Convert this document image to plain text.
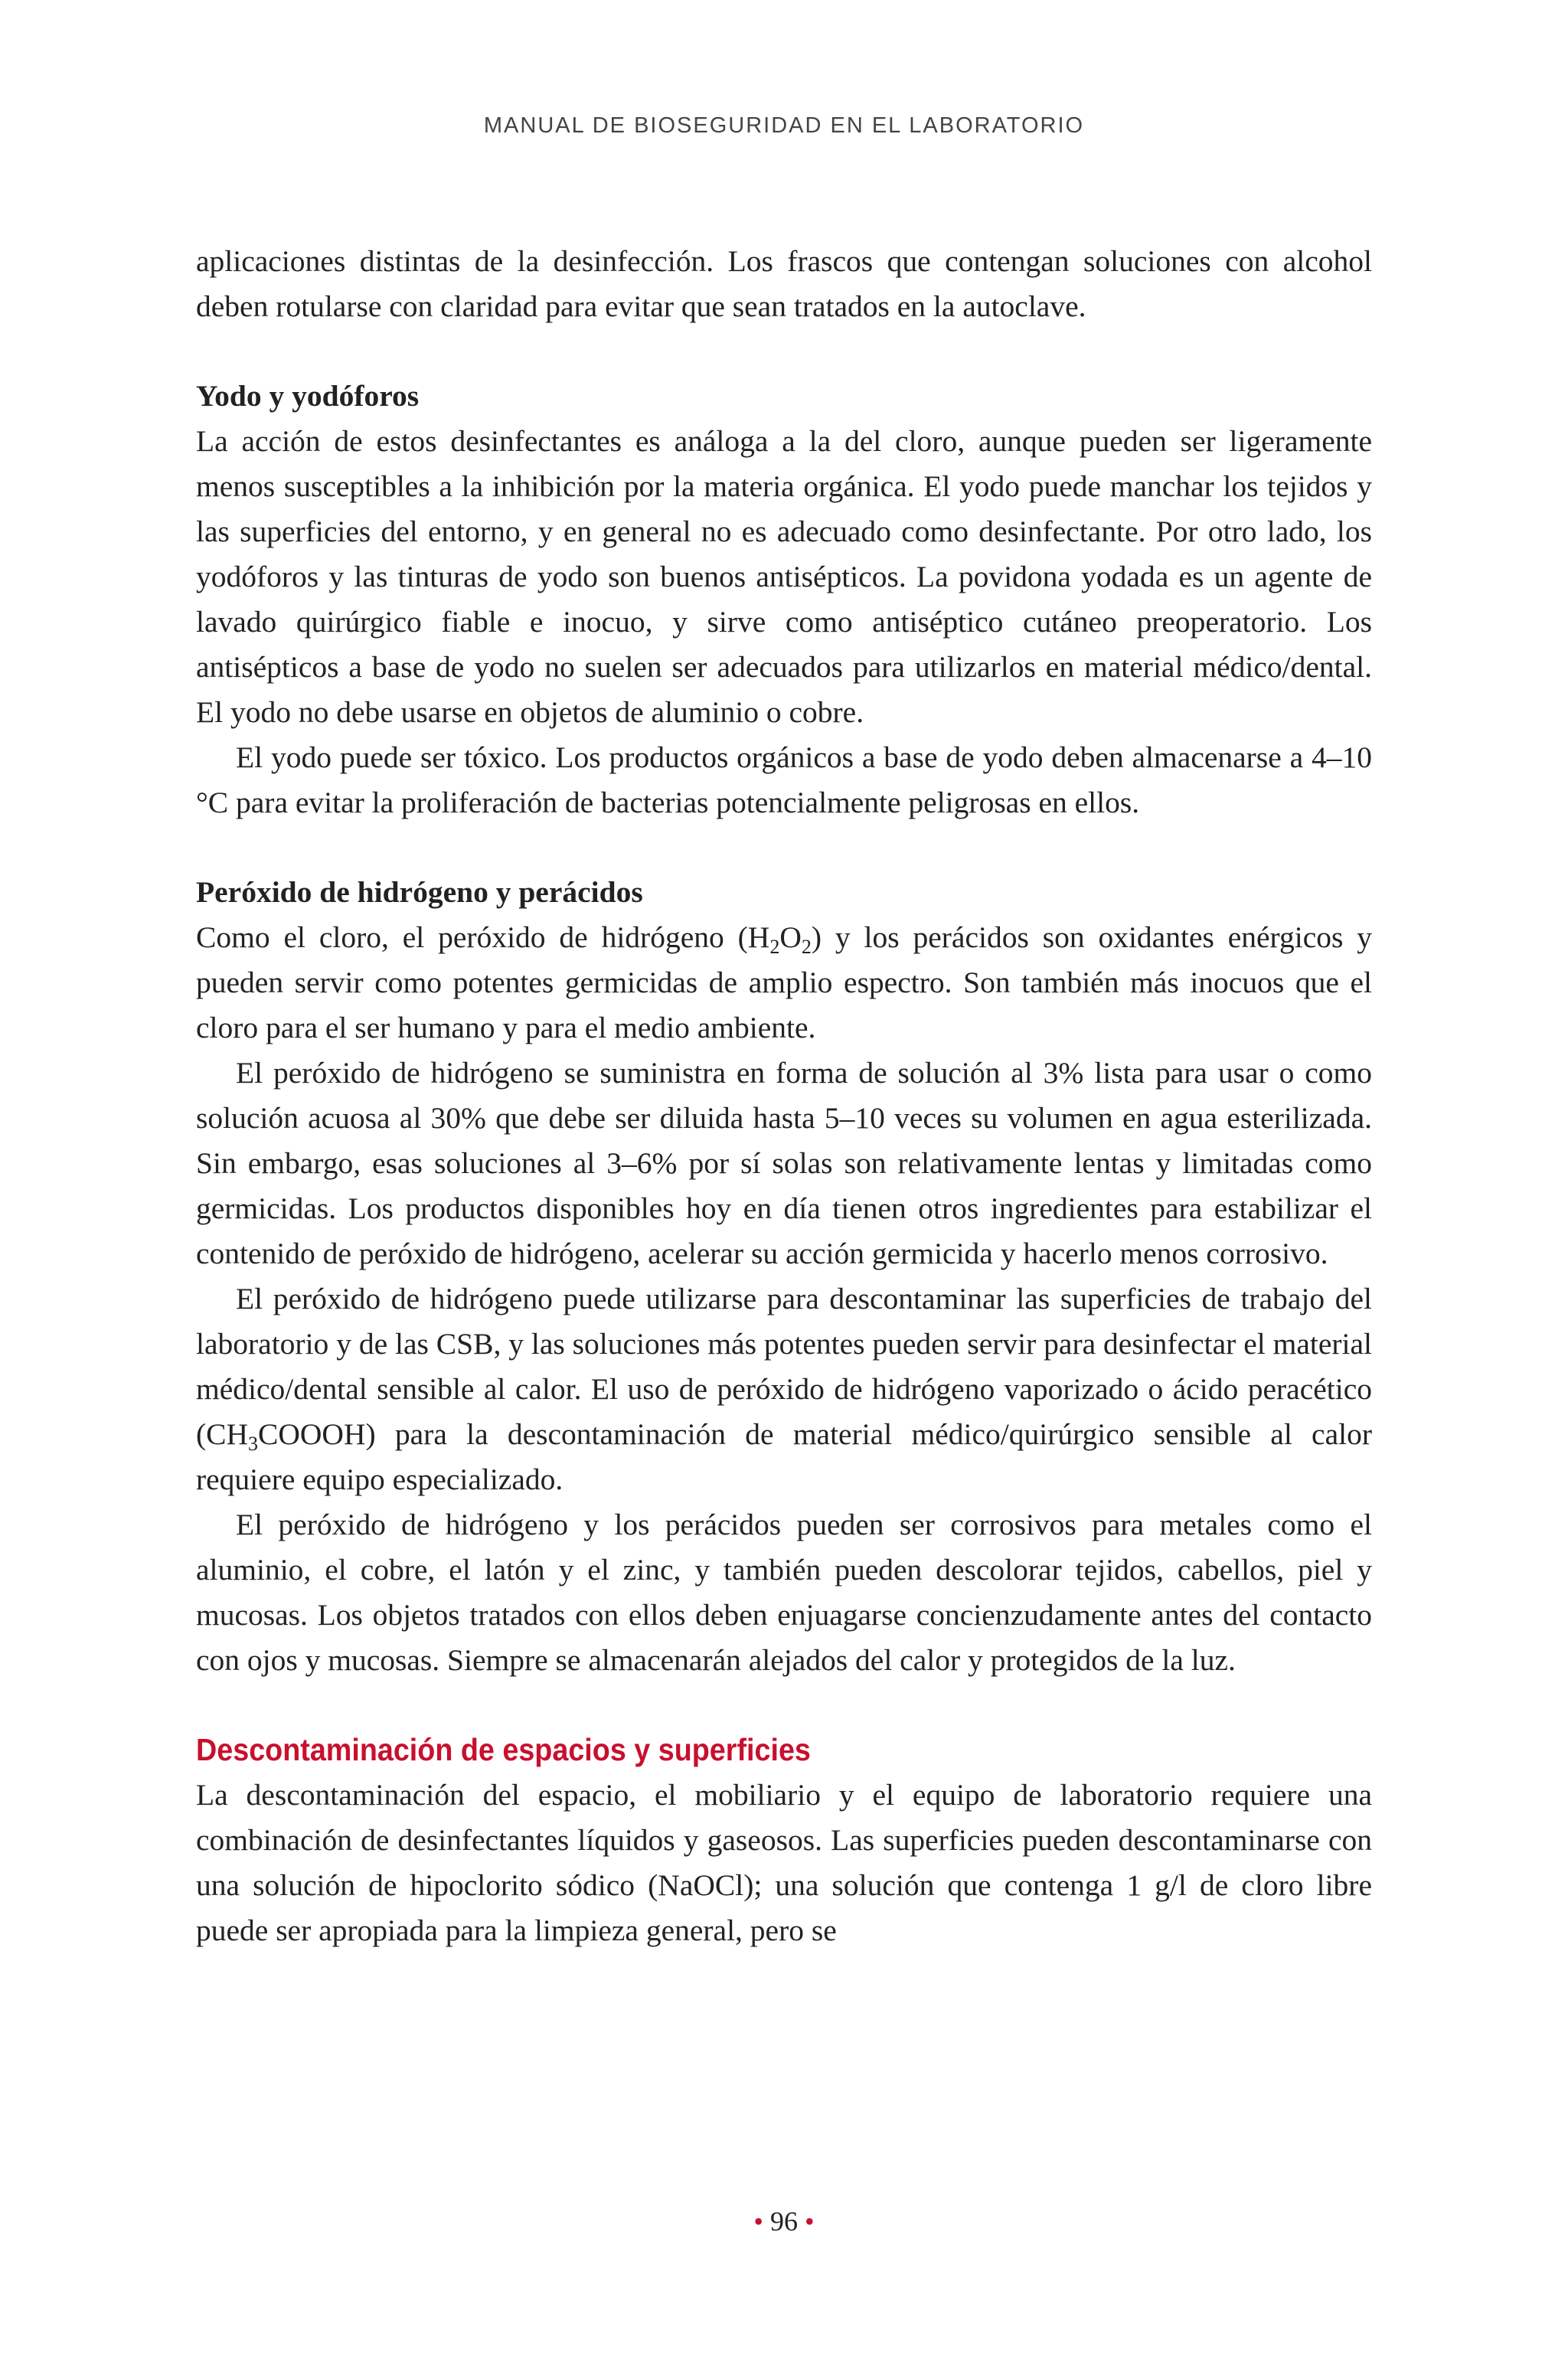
MANUAL DE BIOSEGURIDAD EN EL LABORATORIO

aplicaciones distintas de la desinfección. Los frascos que contengan soluciones con alcohol deben rotularse con claridad para evitar que sean tratados en la autoclave.

Yodo y yodóforos

La acción de estos desinfectantes es análoga a la del cloro, aunque pueden ser ligeramente menos susceptibles a la inhibición por la materia orgánica. El yodo puede manchar los tejidos y las superficies del entorno, y en general no es adecuado como desinfectante. Por otro lado, los yodóforos y las tinturas de yodo son buenos antisépticos. La povidona yodada es un agente de lavado quirúrgico fiable e inocuo, y sirve como antiséptico cutáneo preoperatorio. Los antisépticos a base de yodo no suelen ser adecuados para utilizarlos en material médico/dental. El yodo no debe usarse en objetos de aluminio o cobre.

El yodo puede ser tóxico. Los productos orgánicos a base de yodo deben almacenarse a 4–10 °C para evitar la proliferación de bacterias potencialmente peligrosas en ellos.

Peróxido de hidrógeno y perácidos

Como el cloro, el peróxido de hidrógeno $(H_2O_2)$ y los perácidos son oxidantes enérgicos y pueden servir como potentes germicidas de amplio espectro. Son también más inocuos que el cloro para el ser humano y para el medio ambiente.

El peróxido de hidrógeno se suministra en forma de solución al 3% lista para usar o como solución acuosa al 30% que debe ser diluida hasta 5–10 veces su volumen en agua esterilizada. Sin embargo, esas soluciones al 3–6% por sí solas son relativamente lentas y limitadas como germicidas. Los productos disponibles hoy en día tienen otros ingredientes para estabilizar el contenido de peróxido de hidrógeno, acelerar su acción germicida y hacerlo menos corrosivo.

El peróxido de hidrógeno puede utilizarse para descontaminar las superficies de trabajo del laboratorio y de las CSB, y las soluciones más potentes pueden servir para desinfectar el material médico/dental sensible al calor. El uso de peróxido de hidrógeno vaporizado o ácido peracético $(CH_3COOOH)$ para la descontaminación de material médico/quirúrgico sensible al calor requiere equipo especializado.

El peróxido de hidrógeno y los perácidos pueden ser corrosivos para metales como el aluminio, el cobre, el latón y el zinc, y también pueden descolorar tejidos, cabellos, piel y mucosas. Los objetos tratados con ellos deben enjuagarse concienzudamente antes del contacto con ojos y mucosas. Siempre se almacenarán alejados del calor y protegidos de la luz.

Descontaminación de espacios y superficies

La descontaminación del espacio, el mobiliario y el equipo de laboratorio requiere una combinación de desinfectantes líquidos y gaseosos. Las superficies pueden descontaminarse con una solución de hipoclorito sódico (NaOCl); una solución que contenga 1 g/l de cloro libre puede ser apropiada para la limpieza general, pero se

• 96 •
